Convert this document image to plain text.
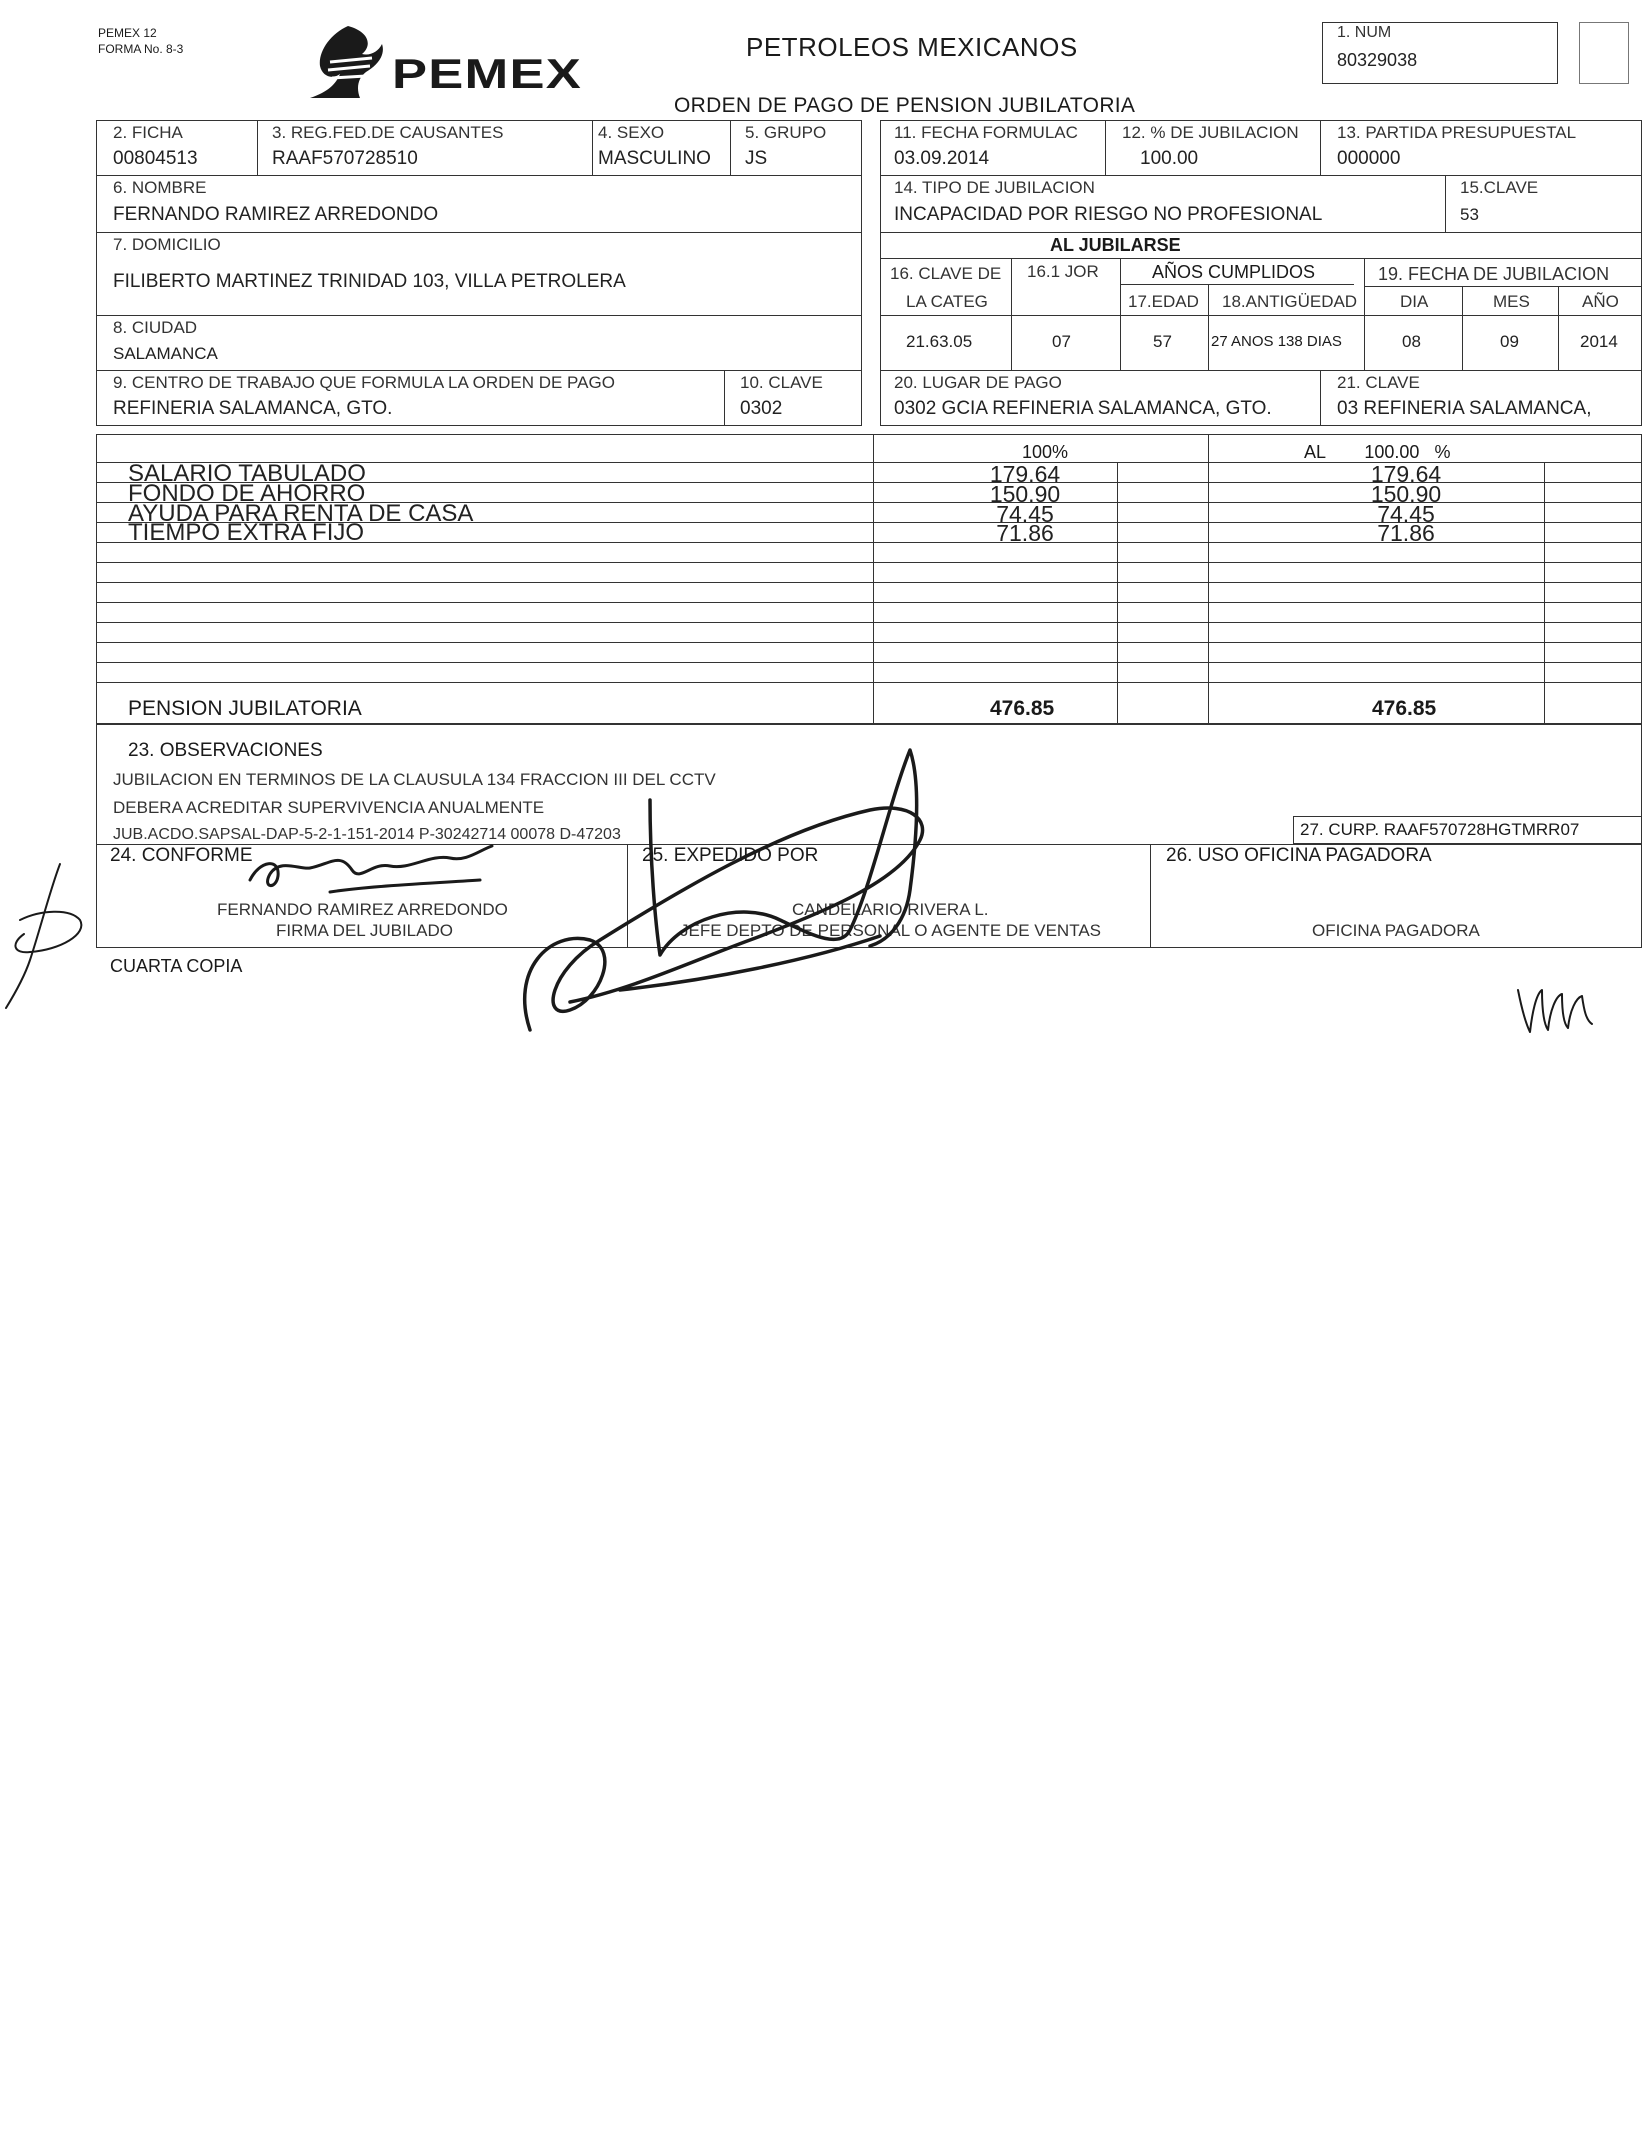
PEMEX 12
FORMA No. 8-3
PEMEX
PETROLEOS MEXICANOS
ORDEN DE PAGO DE PENSION JUBILATORIA
1. NUM
80329038
2. FICHA
00804513
3. REG.FED.DE CAUSANTES
RAAF570728510
4. SEXO
MASCULINO
5. GRUPO
JS
6. NOMBRE
FERNANDO RAMIREZ ARREDONDO
7. DOMICILIO
FILIBERTO MARTINEZ TRINIDAD 103, VILLA PETROLERA
8. CIUDAD
SALAMANCA
9. CENTRO DE TRABAJO QUE FORMULA LA ORDEN DE PAGO
REFINERIA SALAMANCA, GTO.
10. CLAVE
0302
11. FECHA FORMULAC
03.09.2014
12. % DE JUBILACION
100.00
13. PARTIDA PRESUPUESTAL
000000
14. TIPO DE JUBILACION
INCAPACIDAD POR RIESGO NO PROFESIONAL
15.CLAVE
53
AL JUBILARSE
16. CLAVE DE
LA CATEG
21.63.05
16.1 JOR
07
AÑOS CUMPLIDOS
17.EDAD
57
18.ANTIGÜEDAD
27 ANOS 138 DIAS
19. FECHA DE JUBILACION
DIA	MES	AÑO
08	09	2014
20. LUGAR DE PAGO
0302 GCIA REFINERIA SALAMANCA, GTO.
21. CLAVE
03 REFINERIA SALAMANCA,
100%	AL 100.00 %
SALARIO TABULADO	179.64	179.64
FONDO DE AHORRO	150.90	150.90
AYUDA PARA RENTA DE CASA	74.45	74.45
TIEMPO EXTRA FIJO	71.86	71.86
PENSION JUBILATORIA	476.85	476.85
23. OBSERVACIONES
JUBILACION EN TERMINOS DE LA CLAUSULA 134 FRACCION III DEL CCTV
DEBERA ACREDITAR SUPERVIVENCIA ANUALMENTE
JUB.ACDO.SAPSAL-DAP-5-2-1-151-2014 P-30242714 00078 D-47203	27. CURP. RAAF570728HGTMRR07
24. CONFORME
FERNANDO RAMIREZ ARREDONDO
FIRMA DEL JUBILADO
25. EXPEDIDO POR
CANDELARIO RIVERA L.
JEFE DEPTO DE PERSONAL O AGENTE DE VENTAS
26. USO OFICINA PAGADORA
OFICINA PAGADORA
CUARTA COPIA
